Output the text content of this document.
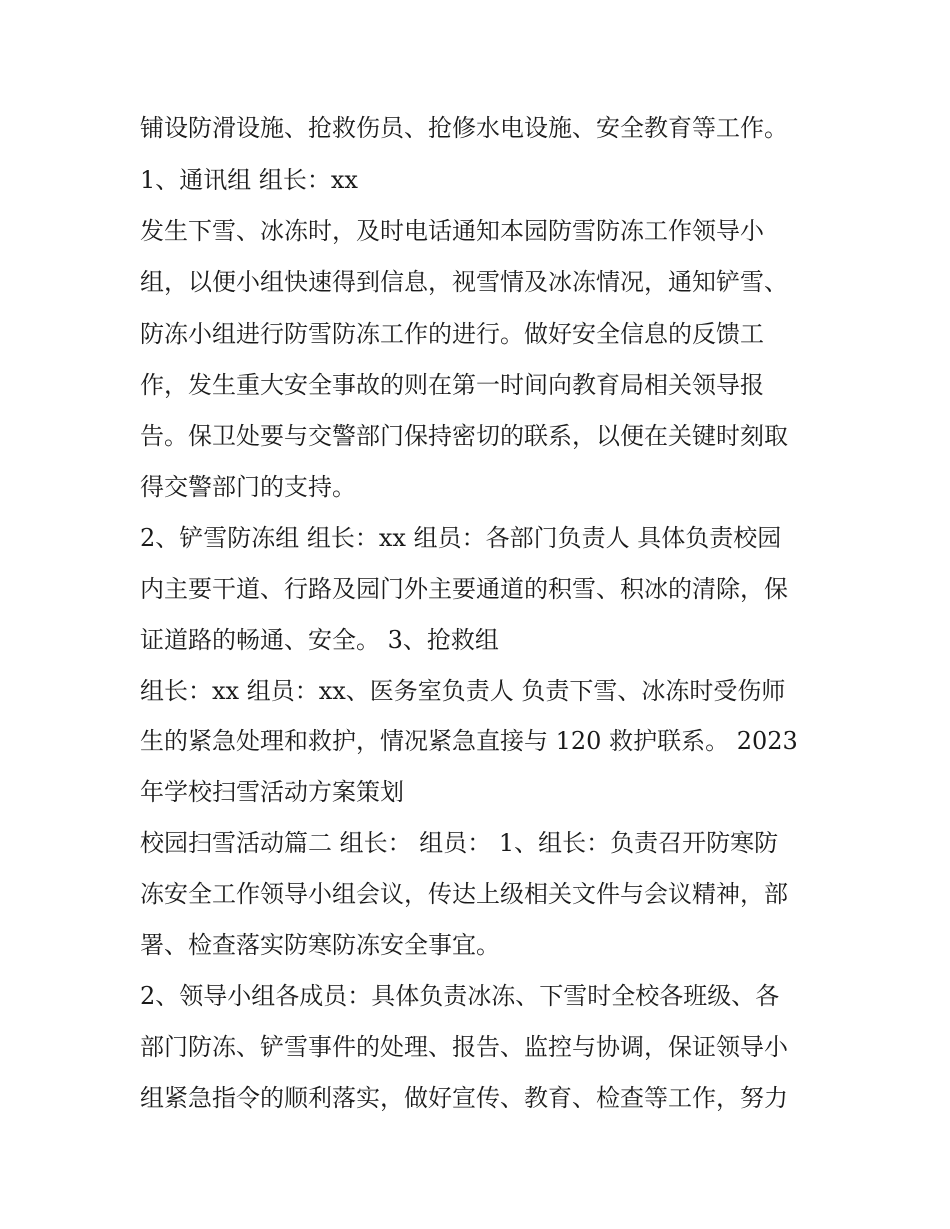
铺设防滑设施、抢救伤员、抢修水电设施、安全教育等工作。
1、通讯组 组长：xx
发生下雪、冰冻时，及时电话通知本园防雪防冻工作领导小
组，以便小组快速得到信息，视雪情及冰冻情况，通知铲雪、
防冻小组进行防雪防冻工作的进行。做好安全信息的反馈工
作，发生重大安全事故的则在第一时间向教育局相关领导报
告。保卫处要与交警部门保持密切的联系，以便在关键时刻取
得交警部门的支持。
2、铲雪防冻组 组长：xx 组员：各部门负责人 具体负责校园
内主要干道、行路及园门外主要通道的积雪、积冰的清除，保
证道路的畅通、安全。 3、抢救组
组长：xx 组员：xx、医务室负责人 负责下雪、冰冻时受伤师
生的紧急处理和救护，情况紧急直接与 120 救护联系。 2023
年学校扫雪活动方案策划
校园扫雪活动篇二 组长： 组员： 1、组长：负责召开防寒防
冻安全工作领导小组会议，传达上级相关文件与会议精神，部
署、检查落实防寒防冻安全事宜。
2、领导小组各成员：具体负责冰冻、下雪时全校各班级、各
部门防冻、铲雪事件的处理、报告、监控与协调，保证领导小
组紧急指令的顺利落实，做好宣传、教育、检查等工作，努力
